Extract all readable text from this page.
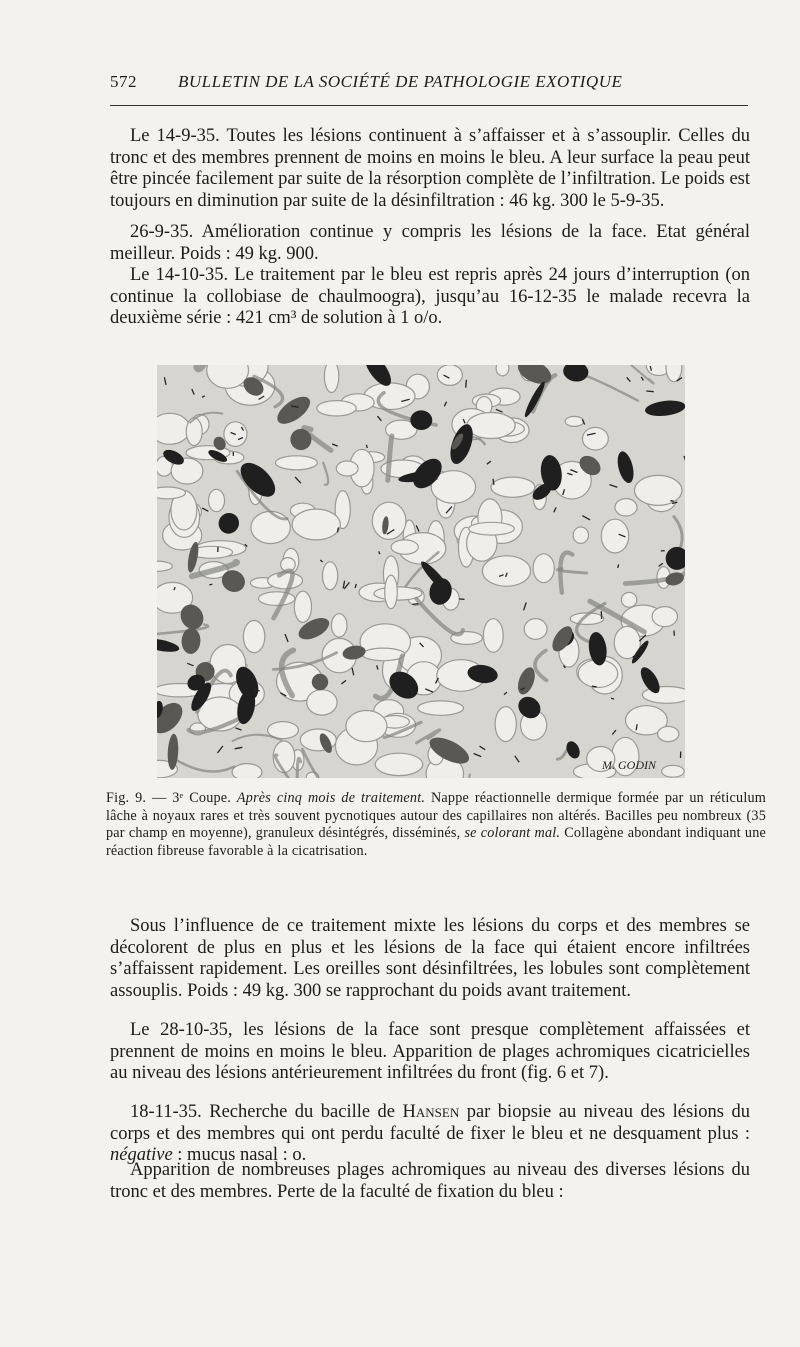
572 BULLETIN DE LA SOCIÉTÉ DE PATHOLOGIE EXOTIQUE

Le 14-9-35. Toutes les lésions continuent à s’affaisser et à s’assouplir. Celles du tronc et des membres prennent de moins en moins le bleu. A leur surface la peau peut être pincée facilement par suite de la résorption complète de l’infiltration. Le poids est toujours en diminution par suite de la désinfiltration : 46 kg. 300 le 5-9-35.

26-9-35. Amélioration continue y compris les lésions de la face. Etat général meilleur. Poids : 49 kg. 900.

Le 14-10-35. Le traitement par le bleu est repris après 24 jours d’interruption (on continue la collobiase de chaulmoogra), jusqu’au 16-12-35 le malade recevra la deuxième série : 421 cm³ de solution à 1 o/o.

M. GODIN

Fig. 9. — 3ᵉ Coupe. Après cinq mois de traitement. Nappe réactionnelle dermique formée par un réticulum lâche à noyaux rares et très souvent pycnotiques autour des capillaires non altérés. Bacilles peu nombreux (35 par champ en moyenne), granuleux désintégrés, disséminés, se colorant mal. Collagène abondant indiquant une réaction fibreuse favorable à la cicatrisation.

Sous l’influence de ce traitement mixte les lésions du corps et des membres se décolorent de plus en plus et les lésions de la face qui étaient encore infiltrées s’affaissent rapidement. Les oreilles sont désinfiltrées, les lobules sont complètement assouplis. Poids : 49 kg. 300 se rapprochant du poids avant traitement.

Le 28-10-35, les lésions de la face sont presque complètement affaissées et prennent de moins en moins le bleu. Apparition de plages achromiques cicatricielles au niveau des lésions antérieurement infiltrées du front (fig. 6 et 7).

18-11-35. Recherche du bacille de Hansen par biopsie au niveau des lésions du corps et des membres qui ont perdu faculté de fixer le bleu et ne desquament plus : négative : mucus nasal : o.

Apparition de nombreuses plages achromiques au niveau des diverses lésions du tronc et des membres. Perte de la faculté de fixation du bleu :
